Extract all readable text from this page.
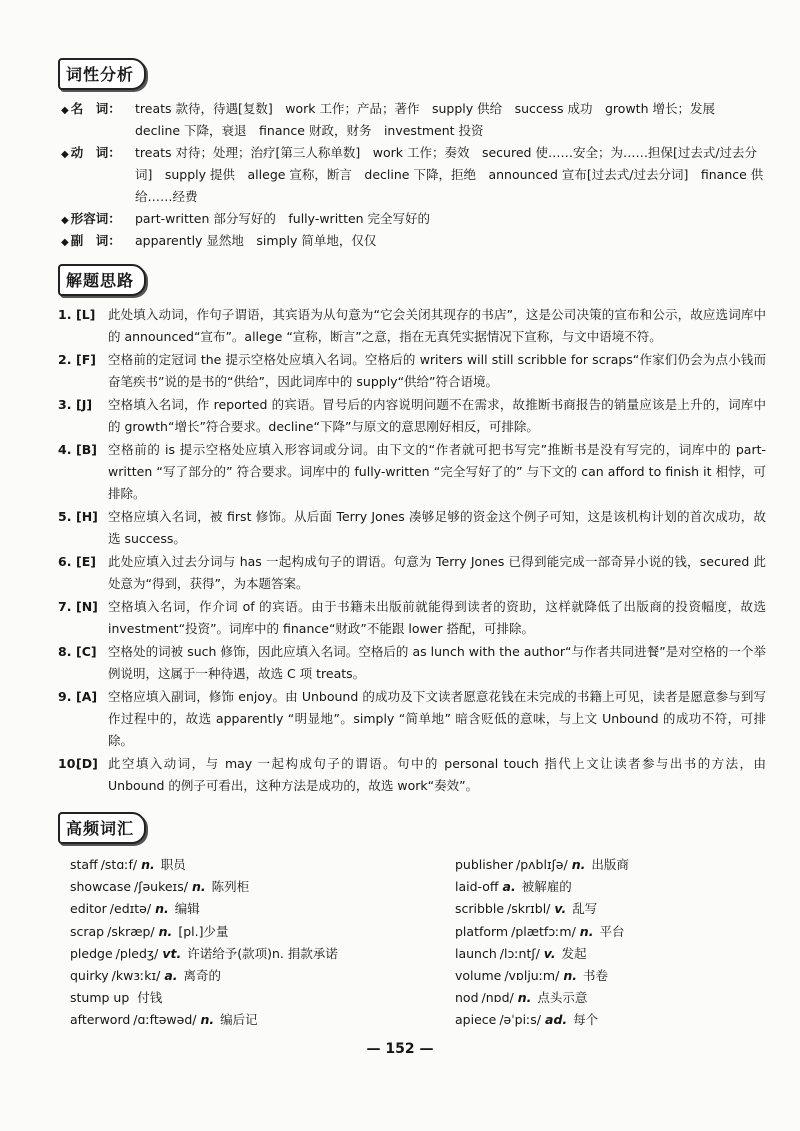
词性分析
◆ 名　词： treats 款待，待遇[复数]　work 工作；产品；著作　supply 供给　success 成功　growth 增长；发展　decline 下降，衰退　finance 财政，财务　investment 投资
◆ 动　词： treats 对待；处理；治疗[第三人称单数]　work 工作；奏效　secured 使……安全；为……担保[过去式/过去分词]　supply 提供　allege 宣称，断言　decline 下降，拒绝　announced 宣布[过去式/过去分词]　finance 供给……经费
◆ 形容词： part-written 部分写好的　fully-written 完全写好的
◆ 副　词： apparently 显然地　simply 简单地，仅仅
解题思路
1. [L] 此处填入动词，作句子谓语，其宾语为从句意为“它会关闭其现存的书店”，这是公司决策的宣布和公示，故应选词库中的 announced“宣布”。allege “宣称，断言”之意，指在无真凭实据情况下宣称，与文中语境不符。
2. [F] 空格前的定冠词 the 提示空格处应填入名词。空格后的 writers will still scribble for scraps“作家们仍会为点小钱而奋笔疾书”说的是书的“供给”，因此词库中的 supply“供给”符合语境。
3. [J] 空格填入名词，作 reported 的宾语。冒号后的内容说明问题不在需求，故推断书商报告的销量应该是上升的，词库中的 growth“增长”符合要求。decline“下降”与原文的意思刚好相反，可排除。
4. [B] 空格前的 is 提示空格处应填入形容词或分词。由下文的“作者就可把书写完”推断书是没有写完的，词库中的 part-written “写了部分的” 符合要求。词库中的 fully-written “完全写好了的” 与下文的 can afford to finish it 相悖，可排除。
5. [H] 空格应填入名词，被 first 修饰。从后面 Terry Jones 凑够足够的资金这个例子可知，这是该机构计划的首次成功，故选 success。
6. [E] 此处应填入过去分词与 has 一起构成句子的谓语。句意为 Terry Jones 已得到能完成一部奇异小说的钱，secured 此处意为“得到，获得”，为本题答案。
7. [N] 空格填入名词，作介词 of 的宾语。由于书籍未出版前就能得到读者的资助，这样就降低了出版商的投资幅度，故选 investment“投资”。词库中的 finance“财政”不能跟 lower 搭配，可排除。
8. [C] 空格处的词被 such 修饰，因此应填入名词。空格后的 as lunch with the author“与作者共同进餐”是对空格的一个举例说明，这属于一种待遇，故选 C 项 treats。
9. [A] 空格应填入副词，修饰 enjoy。由 Unbound 的成功及下文读者愿意花钱在未完成的书籍上可见，读者是愿意参与到写作过程中的，故选 apparently “明显地”。simply “简单地” 暗含贬低的意味，与上文 Unbound 的成功不符，可排除。
10.
[D] 此空填入动词，与 may 一起构成句子的谓语。句中的 personal touch 指代上文让读者参与出书的方法，由 Unbound 的例子可看出，这种方法是成功的，故选 work“奏效”。
高频词汇
staff /stɑːf/ n. 职员
showcase /ʃəukeɪs/ n. 陈列柜
editor /edɪtə/ n. 编辑
scrap /skræp/ n. [pl.]少量
pledge /pledʒ/ vt. 许诺给予(款项)n. 捐款承诺
quirky /kwɜːkɪ/ a. 离奇的
stump up 付钱
afterword /ɑːftəwəd/ n. 编后记
publisher /pʌblɪʃə/ n. 出版商
laid-off a. 被解雇的
scribble /skrɪbl/ v. 乱写
platform /plætfɔːm/ n. 平台
launch /lɔːntʃ/ v. 发起
volume /vɒljuːm/ n. 书卷
nod /nɒd/ n. 点头示意
apiece /əˈpiːs/ ad. 每个
— 152 —
